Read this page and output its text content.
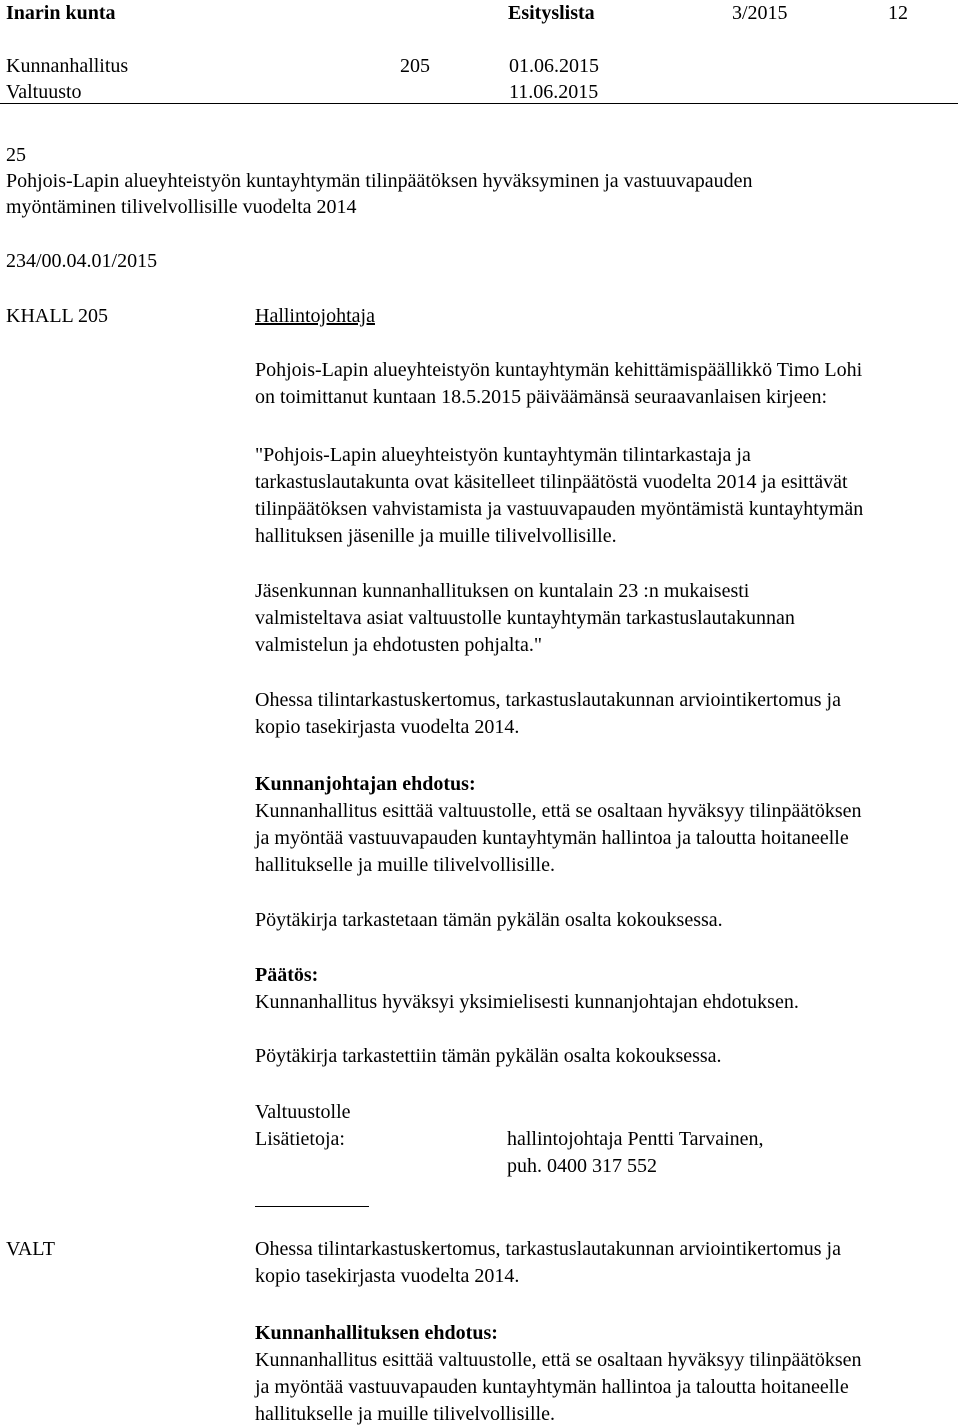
Inarin kunta	Esityslista	3/2015	12
Kunnanhallitus	205	01.06.2015
Valtuusto	11.06.2015
25
Pohjois-Lapin alueyhteistyön kuntayhtymän tilinpäätöksen hyväksyminen ja vastuuvapauden
myöntäminen tilivelvollisille vuodelta 2014
234/00.04.01/2015
KHALL 205	Hallintojohtaja
Pohjois-Lapin alueyhteistyön kuntayhtymän kehittämispäällikkö Timo Lohi
on toimittanut kuntaan 18.5.2015 päiväämänsä seuraavanlaisen kirjeen:
"Pohjois-Lapin alueyhteistyön kuntayhtymän tilintarkastaja ja
tarkastuslautakunta ovat käsitelleet tilinpäätöstä vuodelta 2014 ja esittävät
tilinpäätöksen vahvistamista ja vastuuvapauden myöntämistä kuntayhtymän
hallituksen jäsenille ja muille tilivelvollisille.
Jäsenkunnan kunnanhallituksen on kuntalain 23 :n mukaisesti
valmisteltava asiat valtuustolle kuntayhtymän tarkastuslautakunnan
valmistelun ja ehdotusten pohjalta."
Ohessa tilintarkastuskertomus, tarkastuslautakunnan arviointikertomus ja
kopio tasekirjasta vuodelta 2014.
Kunnanjohtajan ehdotus:
Kunnanhallitus esittää valtuustolle, että se osaltaan hyväksyy tilinpäätöksen
ja myöntää vastuuvapauden kuntayhtymän hallintoa ja taloutta hoitaneelle
hallitukselle ja muille tilivelvollisille.
Pöytäkirja tarkastetaan tämän pykälän osalta kokouksessa.
Päätös:
Kunnanhallitus hyväksyi yksimielisesti kunnanjohtajan ehdotuksen.
Pöytäkirja tarkastettiin tämän pykälän osalta kokouksessa.
Valtuustolle
Lisätietoja:	hallintojohtaja Pentti Tarvainen,
puh. 0400 317 552
VALT	Ohessa tilintarkastuskertomus, tarkastuslautakunnan arviointikertomus ja
kopio tasekirjasta vuodelta 2014.
Kunnanhallituksen ehdotus:
Kunnanhallitus esittää valtuustolle, että se osaltaan hyväksyy tilinpäätöksen
ja myöntää vastuuvapauden kuntayhtymän hallintoa ja taloutta hoitaneelle
hallitukselle ja muille tilivelvollisille.
